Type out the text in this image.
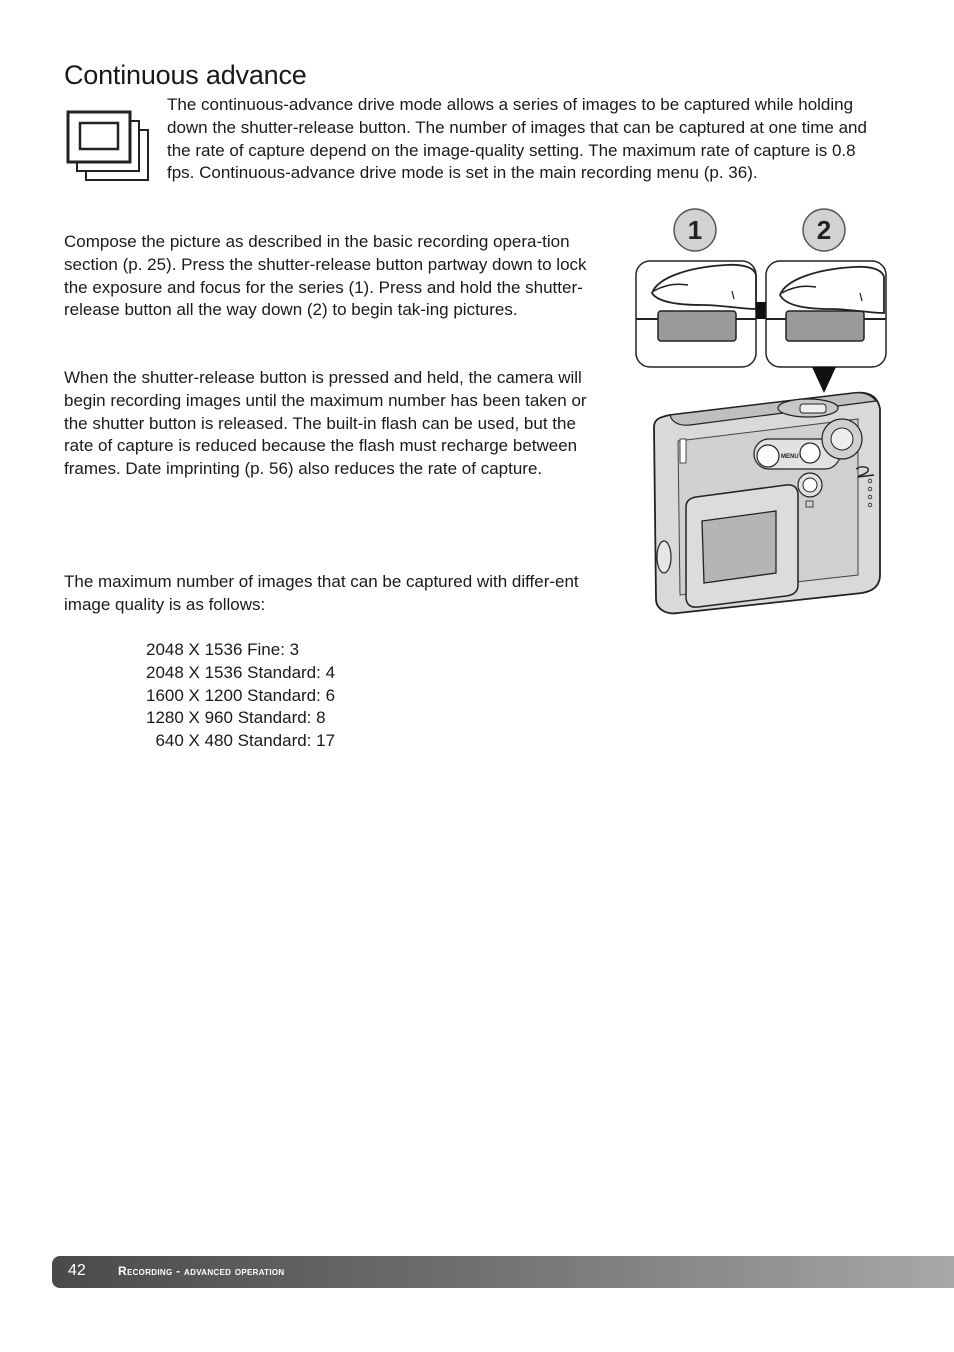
Continuous advance

The continuous-advance drive mode allows a series of images to be captured while holding down the shutter-release button. The number of images that can be captured at one time and the rate of capture depend on the image-quality setting. The maximum rate of capture is 0.8 fps. Continuous-advance drive mode is set in the main recording menu (p. 36).

Compose the picture as described in the basic recording opera-tion section (p. 25). Press the shutter-release button partway down to lock the exposure and focus for the series (1). Press and hold the shutter-release button all the way down (2) to begin tak-ing pictures.

When the shutter-release button is pressed and held, the camera will begin recording images until the maximum number has been taken or the shutter button is released. The built-in flash can be used, but the rate of capture is reduced because the flash must recharge between frames. Date imprinting (p. 56) also reduces the rate of capture.

The maximum number of images that can be captured with differ-ent image quality is as follows:

2048 X 1536 Fine: 3
2048 X 1536 Standard: 4
1600 X 1200 Standard: 6
1280 X 960 Standard: 8
640 X 480 Standard: 17
1	2
MENU
42	Recording - advanced operation
